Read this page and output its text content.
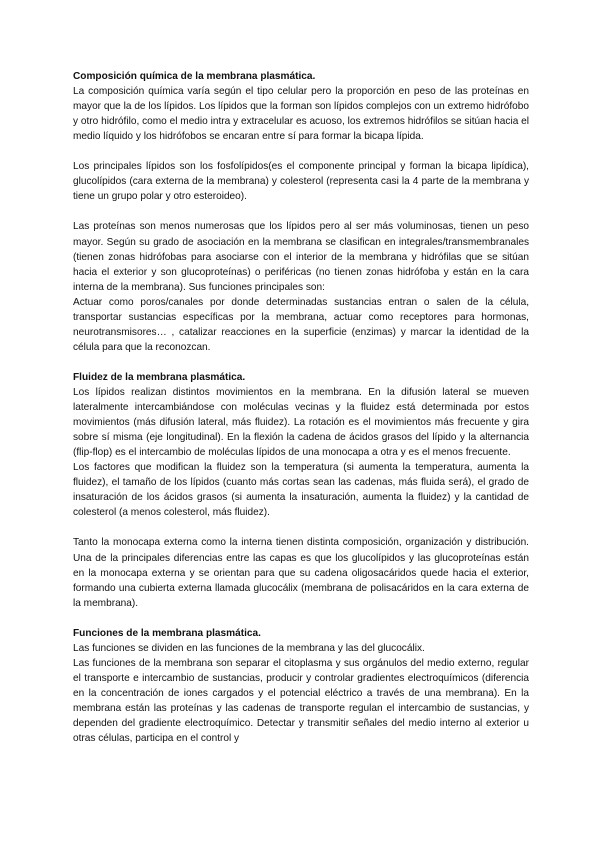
Composición química de la membrana plasmática.

La composición química varía según el tipo celular pero la proporción en peso de las proteínas en mayor que la de los lípidos. Los lípidos que la forman son lípidos complejos con un extremo hidrófobo y otro hidrófilo, como el medio intra y extracelular es acuoso, los extremos hidrófilos se sitúan hacia el medio líquido y los hidrófobos se encaran entre sí para formar la bicapa lípida.

Los principales lípidos son los fosfolípidos(es el componente principal y forman la bicapa lipídica), glucolípidos (cara externa de la membrana) y colesterol (representa casi la 4 parte de la membrana y tiene un grupo polar y otro esteroideo).

Las proteínas son menos numerosas que los lípidos pero al ser más voluminosas, tienen un peso mayor. Según su grado de asociación en la membrana se clasifican en integrales/transmembranales (tienen zonas hidrófobas para asociarse con el interior de la membrana y hidrófilas que se sitúan hacia el exterior y son glucoproteínas) o periféricas (no tienen zonas hidrófoba y están en la cara interna de la membrana). Sus funciones principales son:

Actuar como poros/canales por donde determinadas sustancias entran o salen de la célula, transportar sustancias específicas por la membrana, actuar como receptores para hormonas, neurotransmisores… , catalizar reacciones en la superficie (enzimas) y marcar la identidad de la célula para que la reconozcan.

Fluidez de la membrana plasmática.

Los lípidos realizan distintos movimientos en la membrana. En la difusión lateral se mueven lateralmente intercambiándose con moléculas vecinas y la fluidez está determinada por estos movimientos (más difusión lateral, más fluidez). La rotación es el movimientos más frecuente y gira sobre sí misma (eje longitudinal). En la flexión la cadena de ácidos grasos del lípido y la alternancia (flip-flop) es el intercambio de moléculas lípidos de una monocapa a otra y es el menos frecuente.

Los factores que modifican la fluidez son la temperatura (si aumenta la temperatura, aumenta la fluidez), el tamaño de los lípidos (cuanto más cortas sean las cadenas, más fluida será), el grado de insaturación de los ácidos grasos (si aumenta la insaturación, aumenta la fluidez) y la cantidad de colesterol (a menos colesterol, más fluidez).

Tanto la monocapa externa como la interna tienen distinta composición, organización y distribución. Una de la principales diferencias entre las capas es que los glucolípidos y las glucoproteínas están en la monocapa externa y se orientan para que su cadena oligosacáridos quede hacia el exterior, formando una cubierta externa llamada glucocálix (membrana de polisacáridos en la cara externa de la membrana).

Funciones de la membrana plasmática.

Las funciones se dividen en las funciones de la membrana y las del glucocálix.

Las funciones de la membrana son separar el citoplasma y sus orgánulos del medio externo, regular el transporte e intercambio de sustancias, producir y controlar gradientes electroquímicos (diferencia en la concentración de iones cargados y el potencial eléctrico a través de una membrana). En la membrana están las proteínas y las cadenas de transporte regulan el intercambio de sustancias, y dependen del gradiente electroquímico. Detectar y transmitir señales del medio interno al exterior u otras células, participa en el control y
